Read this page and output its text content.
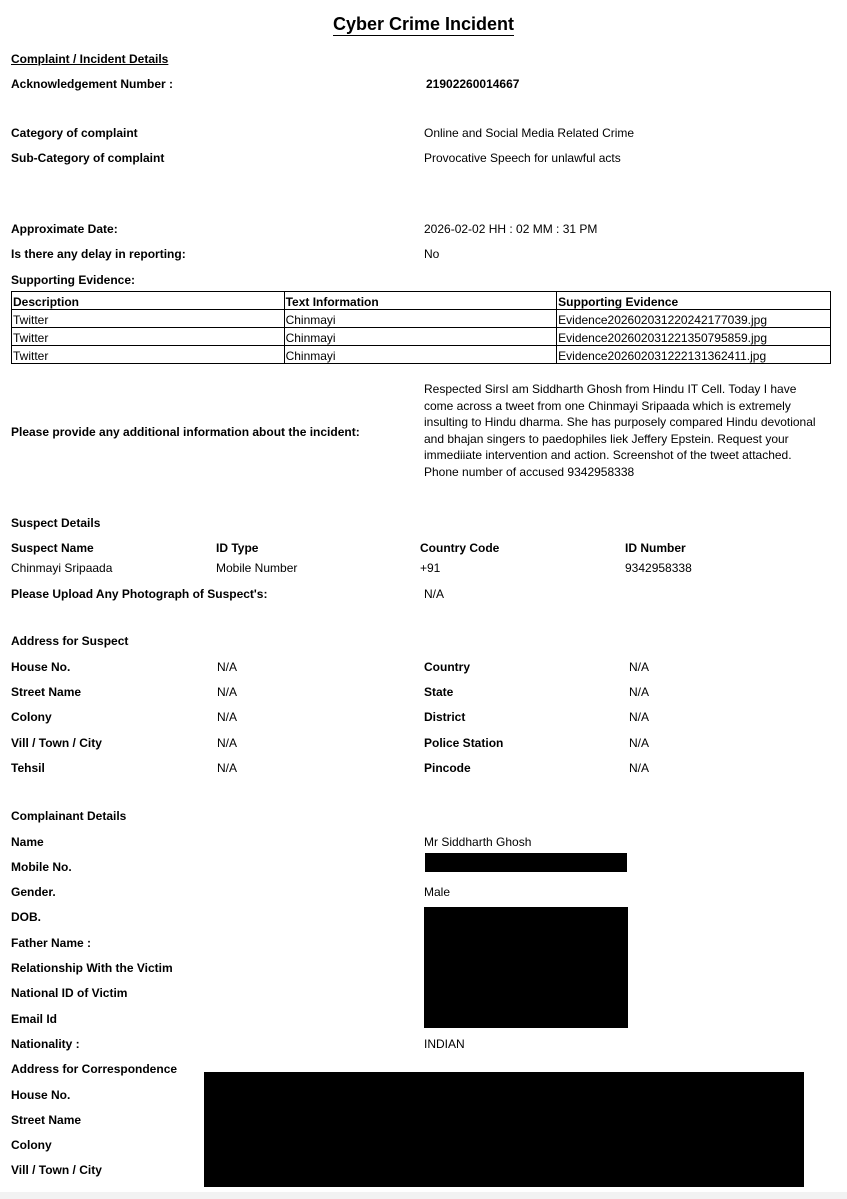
Cyber Crime Incident
Complaint / Incident Details
Acknowledgement Number :	21902260014667
Category of complaint	Online and Social Media Related Crime
Sub-Category of complaint	Provocative Speech for unlawful acts
Approximate Date:	2026-02-02 HH : 02 MM : 31 PM
Is there any delay in reporting:	No
Supporting Evidence:
Description	Text Information	Supporting Evidence
Twitter	Chinmayi	Evidence20260203122024217703​9.jpg
Twitter	Chinmayi	Evidence20260203122135079585​9.jpg
Twitter	Chinmayi	Evidence20260203122213136241​1.jpg
Respected SirsI am Siddharth Ghosh from Hindu IT Cell. Today I have come across a tweet from one Chinmayi Sripaada which is extremely insulting to Hindu dharma. She has purposely compared Hindu devotional and bhajan singers to paedophiles liek Jeffery Epstein. Request your immediiate intervention and action. Screenshot of the tweet attached. Phone number of accused 9342958338
Please provide any additional information about the incident:
Suspect Details
Suspect Name	ID Type	Country Code	ID Number
Chinmayi Sripaada	Mobile Number	+91	9342958338
Please Upload Any Photograph of Suspect's:	N/A
Address for Suspect
House No.	N/A	Country	N/A
Street Name	N/A	State	N/A
Colony	N/A	District	N/A
Vill / Town / City	N/A	Police Station	N/A
Tehsil	N/A	Pincode	N/A
Complainant Details
Name	Mr Siddharth Ghosh
Mobile No.
Gender.	Male
DOB.
Father Name :
Relationship With the Victim
National ID of Victim
Email Id
Nationality :	INDIAN
Address for Correspondence
House No.
Street Name
Colony
Vill / Town / City
